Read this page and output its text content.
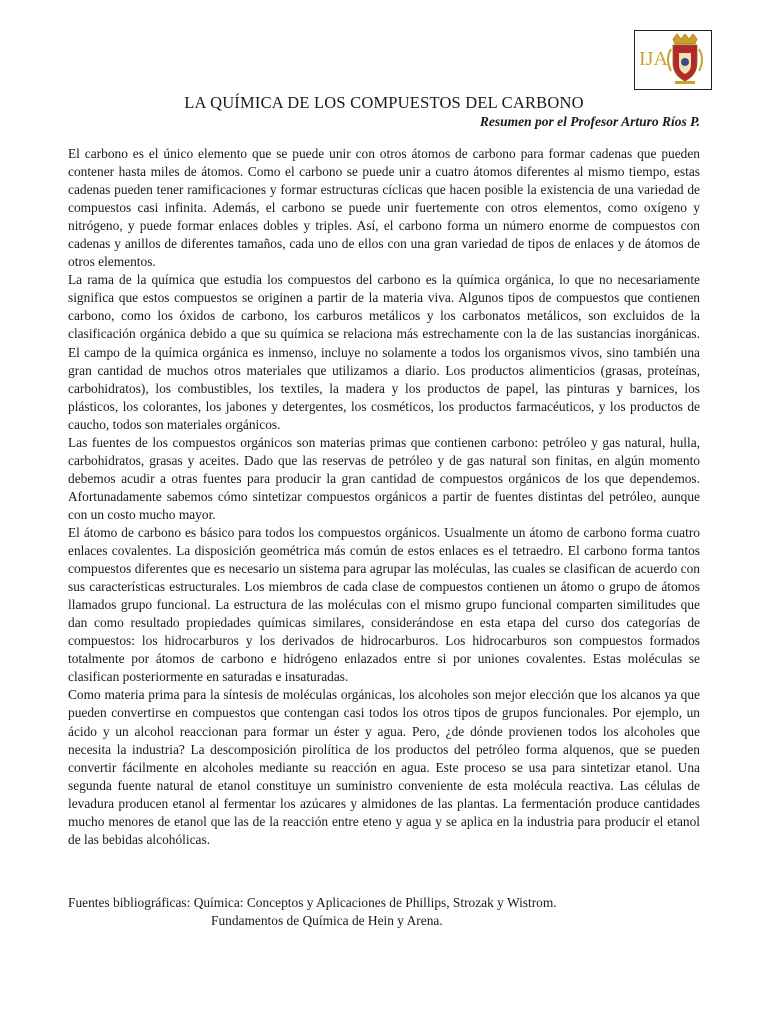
IJA
LA QUÍMICA DE LOS COMPUESTOS DEL CARBONO
Resumen por el Profesor Arturo Ríos P.

El carbono es el único elemento que se puede unir con otros átomos de carbono para formar cadenas que pueden contener hasta miles de átomos. Como el carbono se puede unir a cuatro átomos diferentes al mismo tiempo, estas cadenas pueden tener ramificaciones y formar estructuras cíclicas que hacen posible la existencia de una variedad de compuestos casi infinita. Además, el carbono se puede unir fuertemente con otros elementos, como oxígeno y nitrógeno, y puede formar enlaces dobles y triples. Así, el carbono forma un número enorme de compuestos con cadenas y anillos de diferentes tamaños, cada uno de ellos con una gran variedad de tipos de enlaces y de átomos de otros elementos.

La rama de la química que estudia los compuestos del carbono es la química orgánica, lo que no necesariamente significa que estos compuestos se originen a partir de la materia viva. Algunos tipos de compuestos que contienen carbono, como los óxidos de carbono, los carburos metálicos y los carbonatos metálicos, son excluidos de la clasificación orgánica debido a que su química se relaciona más estrechamente con la de las sustancias inorgánicas. El campo de la química orgánica es inmenso, incluye no solamente a todos los organismos vivos, sino también una gran cantidad de muchos otros materiales que utilizamos a diario. Los productos alimenticios (grasas, proteínas, carbohidratos), los combustibles, los textiles, la madera y los productos de papel, las pinturas y barnices, los plásticos, los colorantes, los jabones y detergentes, los cosméticos, los productos farmacéuticos, y los productos de caucho, todos son materiales orgánicos.

Las fuentes de los compuestos orgánicos son materias primas que contienen carbono: petróleo y gas natural, hulla, carbohidratos, grasas y aceites. Dado que las reservas de petróleo y de gas natural son finitas, en algún momento debemos acudir a otras fuentes para producir la gran cantidad de compuestos orgánicos de los que dependemos. Afortunadamente sabemos cómo sintetizar compuestos orgánicos a partir de fuentes distintas del petróleo, aunque con un costo mucho mayor.

El átomo de carbono es básico para todos los compuestos orgánicos. Usualmente un átomo de carbono forma cuatro enlaces covalentes. La disposición geométrica más común de estos enlaces es el tetraedro. El carbono forma tantos compuestos diferentes que es necesario un sistema para agrupar las moléculas, las cuales se clasifican de acuerdo con sus características estructurales. Los miembros de cada clase de compuestos contienen un átomo o grupo de átomos llamados grupo funcional. La estructura de las moléculas con el mismo grupo funcional comparten similitudes que dan como resultado propiedades químicas similares, considerándose en esta etapa del curso dos categorías de compuestos: los hidrocarburos y los derivados de hidrocarburos. Los hidrocarburos son compuestos formados totalmente por átomos de carbono e hidrógeno enlazados entre si por uniones covalentes. Estas moléculas se clasifican posteriormente en saturadas e insaturadas.

Como materia prima para la síntesis de moléculas orgánicas, los alcoholes son mejor elección que los alcanos ya que pueden convertirse en compuestos que contengan casi todos los otros tipos de grupos funcionales. Por ejemplo, un ácido y un alcohol reaccionan para formar un éster y agua. Pero, ¿de dónde provienen todos los alcoholes que necesita la industria? La descomposición pirolítica de los productos del petróleo forma alquenos, que se pueden convertir fácilmente en alcoholes mediante su reacción en agua. Este proceso se usa para sintetizar etanol. Una segunda fuente natural de etanol constituye un suministro conveniente de esta molécula reactiva. Las células de levadura producen etanol al fermentar los azúcares y almidones de las plantas. La fermentación produce cantidades mucho menores de etanol que las de la reacción entre eteno y agua y se aplica en la industria para producir el etanol de las bebidas alcohólicas.

Fuentes bibliográficas: Química: Conceptos y Aplicaciones de Phillips, Strozak y Wistrom.
Fundamentos de Química de Hein y Arena.
